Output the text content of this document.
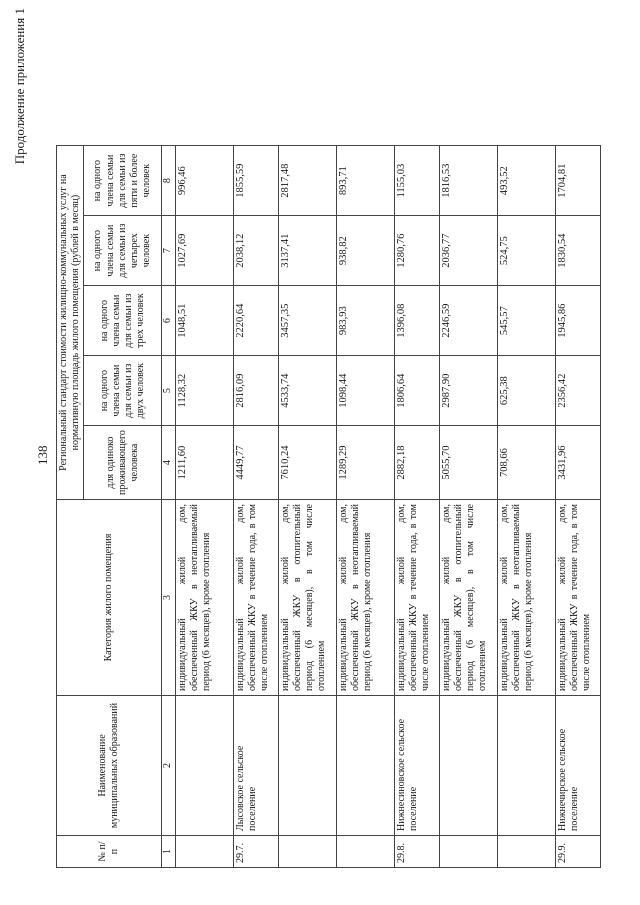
138
Продолжение приложения 1
№ п/п	Наименование муниципальных образований	Категория жилого помещения	Региональный стандарт стоимости жилищно-коммунальных услуг на нормативную площадь жилого помещения (рублей в месяц)				
			для одиноко проживающего человека	на одного члена семьи для семьи из двух человек	на одного члена семьи для семьи из трех человек	на одного члена семьи для семьи из четырех человек	на одного члена семьи для семьи из пяти и более человек
1	2	3	4	5	6	7	8
		индивидуальный жилой дом, обеспеченный ЖКУ в неотапливаемый период (6 месяцев), кроме отопления	1211,60	1128,32	1048,51	1027,69	996,46
29.7.	Лысовское сельское поселение	индивидуальный жилой дом, обеспеченный ЖКУ в течение года, в том числе отоплением	4449,77	2816,09	2220,64	2038,12	1855,59
		индивидуальный жилой дом, обеспеченный ЖКУ в отопительный период (6 месяцев), в том числе отоплением	7610,24	4533,74	3457,35	3137,41	2817,48
		индивидуальный жилой дом, обеспеченный ЖКУ в неотапливаемый период (6 месяцев), кроме отопления	1289,29	1098,44	983,93	938,82	893,71
29.8.	Нижнесиновское сельское поселение	индивидуальный жилой дом, обеспеченный ЖКУ в течение года, в том числе отоплением	2882,18	1806,64	1396,08	1280,76	1155,03
		индивидуальный жилой дом, обеспеченный ЖКУ в отопительный период (6 месяцев), в том числе отоплением	5055,70	2987,90	2246,59	2036,77	1816,53
		индивидуальный жилой дом, обеспеченный ЖКУ в неотапливаемый период (6 месяцев), кроме отопления	708,66	625,38	545,57	524,75	493,52
29.9.	Нижнечирское сельское поселение	индивидуальный жилой дом, обеспеченный ЖКУ в течение года, в том числе отоплением	3431,96	2356,42	1945,86	1830,54	1704,81
